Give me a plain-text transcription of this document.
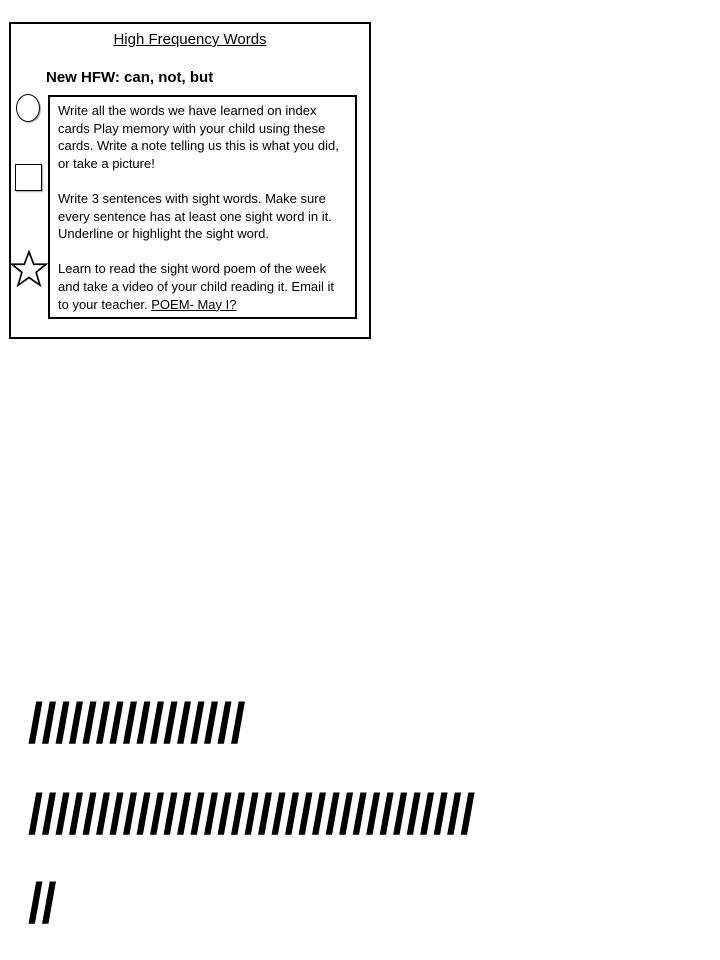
High Frequency Words
New HFW: can, not, but

Write all the words we have learned on index cards Play memory with your child using these cards. Write a note telling us this is what you did, or take a picture!

Write 3 sentences with sight words. Make sure every sentence has at least one sight word in it. Underline or highlight the sight word.

Learn to read the sight word poem of the week and take a video of your child reading it. Email it to your teacher. POEM- May I?

////////////////
/////////////////////////////////
//
